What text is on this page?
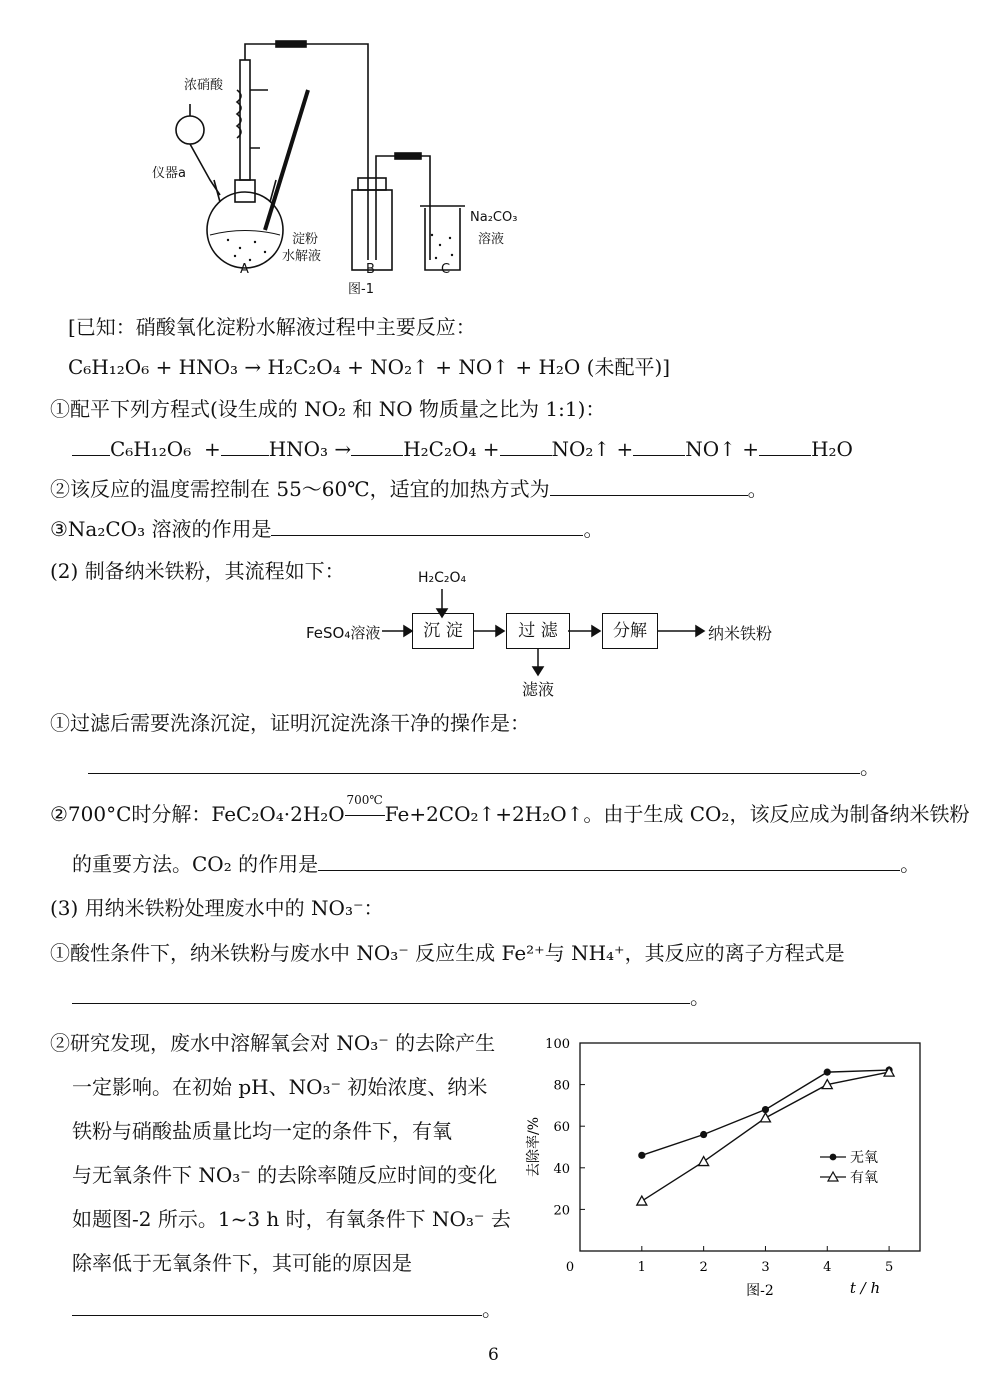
浓硝酸
仪器a
淀粉
水解液
Na₂CO₃
溶液
A	B	C
图-1
[已知：硝酸氧化淀粉水解液过程中主要反应：
C₆H₁₂O₆ + HNO₃ → H₂C₂O₄ + NO₂↑ + NO↑ + H₂O (未配平)]
①配平下列方程式(设生成的 NO₂ 和 NO 物质量之比为 1:1)：
C₆H₁₂O₆ + HNO₃ →	H₂C₂O₄ +	NO₂↑ +	NO↑ +	H₂O
②该反应的温度需控制在 55～60℃，适宜的加热方式为	。
③Na₂CO₃ 溶液的作用是	。
(2) 制备纳米铁粉，其流程如下：	H₂C₂O₄
FeSO₄溶液	沉 淀	过 滤	分解	纳米铁粉
滤液
①过滤后需要洗涤沉淀，证明沉淀洗涤干净的操作是：
。
②700°C时分解：FeC₂O₄·2H₂O
700℃
Fe+2CO₂↑+2H₂O↑。由于生成 CO₂，该反应成为制备纳米铁粉
的重要方法。CO₂ 的作用是	。
(3) 用纳米铁粉处理废水中的 NO₃⁻：
①酸性条件下，纳米铁粉与废水中 NO₃⁻ 反应生成 Fe²⁺与 NH₄⁺，其反应的离子方程式是
。
②研究发现，废水中溶解氧会对 NO₃⁻ 的去除产生
一定影响。在初始 pH、NO₃⁻ 初始浓度、纳米
铁粉与硝酸盐质量比均一定的条件下，有氧
与无氧条件下 NO₃⁻ 的去除率随反应时间的变化
如题图-2 所示。1~3 h 时，有氧条件下 NO₃⁻ 去
除率低于无氧条件下，其可能的原因是
。
20
40
60
80
100
0	1	2	3	4	5
去除率/%
t / h
图-2
无氧
有氧
6
